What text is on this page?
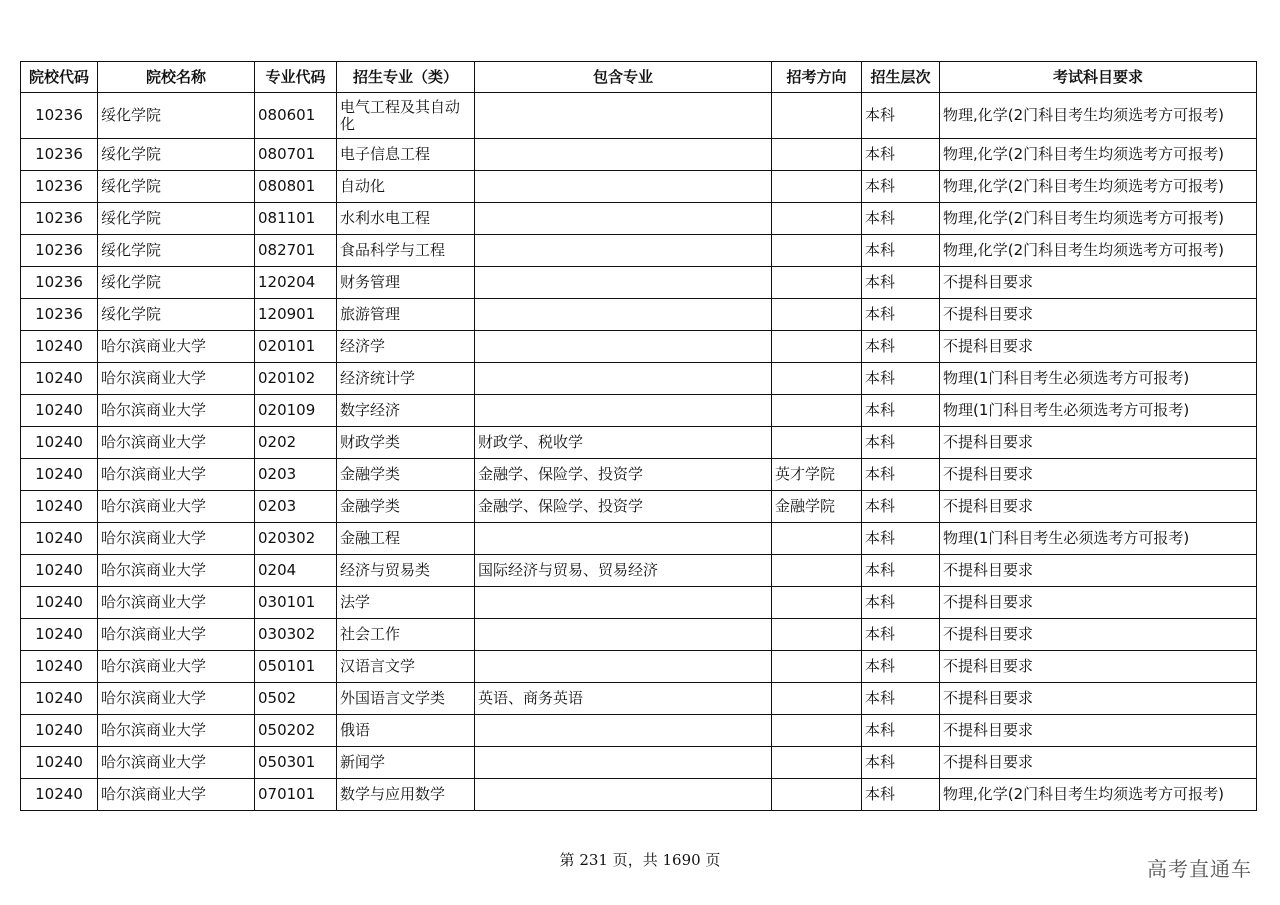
院校代码	院校名称	专业代码	招生专业（类）	包含专业	招考方向	招生层次	考试科目要求
10236	绥化学院	080601	电气工程及其自动化			本科	物理,化学(2门科目考生均须选考方可报考)
10236	绥化学院	080701	电子信息工程			本科	物理,化学(2门科目考生均须选考方可报考)
10236	绥化学院	080801	自动化			本科	物理,化学(2门科目考生均须选考方可报考)
10236	绥化学院	081101	水利水电工程			本科	物理,化学(2门科目考生均须选考方可报考)
10236	绥化学院	082701	食品科学与工程			本科	物理,化学(2门科目考生均须选考方可报考)
10236	绥化学院	120204	财务管理			本科	不提科目要求
10236	绥化学院	120901	旅游管理			本科	不提科目要求
10240	哈尔滨商业大学	020101	经济学			本科	不提科目要求
10240	哈尔滨商业大学	020102	经济统计学			本科	物理(1门科目考生必须选考方可报考)
10240	哈尔滨商业大学	020109	数字经济			本科	物理(1门科目考生必须选考方可报考)
10240	哈尔滨商业大学	0202	财政学类	财政学、税收学		本科	不提科目要求
10240	哈尔滨商业大学	0203	金融学类	金融学、保险学、投资学	英才学院	本科	不提科目要求
10240	哈尔滨商业大学	0203	金融学类	金融学、保险学、投资学	金融学院	本科	不提科目要求
10240	哈尔滨商业大学	020302	金融工程			本科	物理(1门科目考生必须选考方可报考)
10240	哈尔滨商业大学	0204	经济与贸易类	国际经济与贸易、贸易经济		本科	不提科目要求
10240	哈尔滨商业大学	030101	法学			本科	不提科目要求
10240	哈尔滨商业大学	030302	社会工作			本科	不提科目要求
10240	哈尔滨商业大学	050101	汉语言文学			本科	不提科目要求
10240	哈尔滨商业大学	0502	外国语言文学类	英语、商务英语		本科	不提科目要求
10240	哈尔滨商业大学	050202	俄语			本科	不提科目要求
10240	哈尔滨商业大学	050301	新闻学			本科	不提科目要求
10240	哈尔滨商业大学	070101	数学与应用数学			本科	物理,化学(2门科目考生均须选考方可报考)
第 231 页，共 1690 页	高考直通车
